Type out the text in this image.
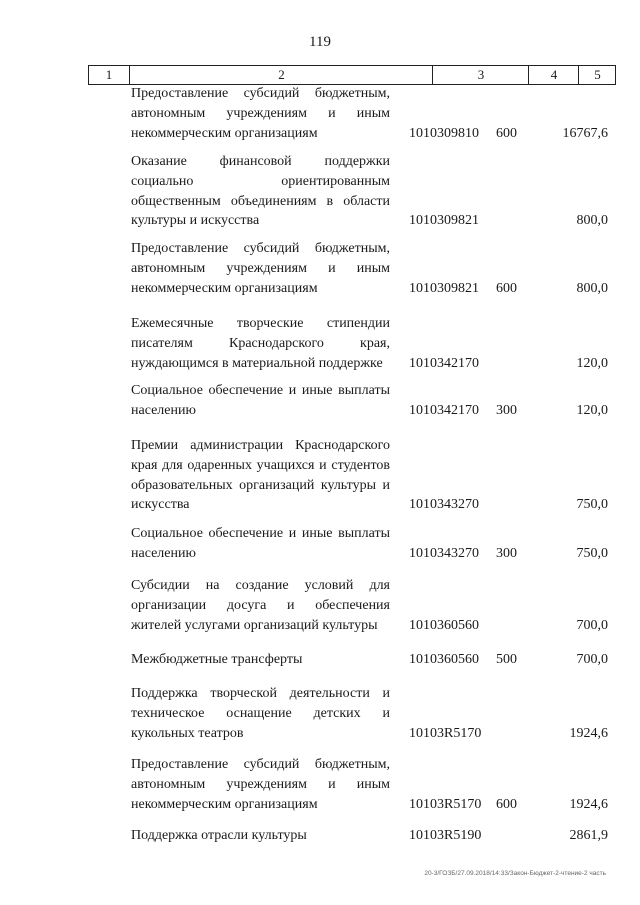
119
1	2	3	4	5
Предоставление субсидий бюджетным, автономным учреждениям и иным некоммерческим организациям	1010309810 600	16767,6
Оказание финансовой поддержки социально ориентированным общественным объединениям в области культуры и искусства	1010309821	800,0
Предоставление субсидий бюджетным, автономным учреждениям и иным некоммерческим организациям	1010309821 600	800,0
Ежемесячные творческие стипендии писателям Краснодарского края, нуждающимся в материальной поддержке	1010342170	120,0
Социальное обеспечение и иные выплаты населению	1010342170 300	120,0
Премии администрации Краснодарского края для одаренных учащихся и студентов образовательных организаций культуры и искусства	1010343270	750,0
Социальное обеспечение и иные выплаты населению	1010343270 300	750,0
Субсидии на создание условий для организации досуга и обеспечения жителей услугами организаций культуры	1010360560	700,0
Межбюджетные трансферты	1010360560 500	700,0
Поддержка творческой деятельности и техническое оснащение детских и кукольных театров	10103R5170	1924,6
Предоставление субсидий бюджетным, автономным учреждениям и иным некоммерческим организациям	10103R5170 600	1924,6
Поддержка отрасли культуры	10103R5190	2861,9
20-3/ГОЗБ/27.09.2018/14:33/Закон-Бюджет-2-чтение-2 часть
